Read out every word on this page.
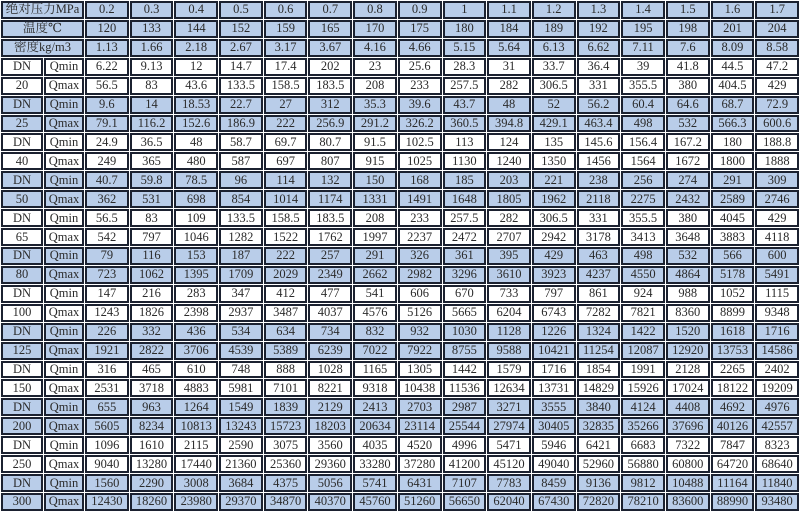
绝对压力MPa		0.2	0.3	0.4	0.5	0.6	0.7	0.8	0.9	1	1.1	1.2	1.3	1.4	1.5	1.6	1.7
温度℃		120	133	144	152	159	165	170	175	180	184	189	192	195	198	201	204
密度kg/m3		1.13	1.66	2.18	2.67	3.17	3.67	4.16	4.66	5.15	5.64	6.13	6.62	7.11	7.6	8.09	8.58
DN	Qmin	6.22	9.13	12	14.7	17.4	202	23	25.6	28.3	31	33.7	36.4	39	41.8	44.5	47.2
20	Qmax	56.5	83	43.6	133.5	158.5	183.5	208	233	257.5	282	306.5	331	355.5	380	404.5	429
DN	Qmin	9.6	14	18.53	22.7	27	312	35.3	39.6	43.7	48	52	56.2	60.4	64.6	68.7	72.9
25	Qmax	79.1	116.2	152.6	186.9	222	256.9	291.2	326.2	360.5	394.8	429.1	463.4	498	532	566.3	600.6
DN	Qmin	24.9	36.5	48	58.7	69.7	80.7	91.5	102.5	113	124	135	145.6	156.4	167.2	180	188.8
40	Qmax	249	365	480	587	697	807	915	1025	1130	1240	1350	1456	1564	1672	1800	1888
DN	Qmin	40.7	59.8	78.5	96	114	132	150	168	185	203	221	238	256	274	291	309
50	Qmax	362	531	698	854	1014	1174	1331	1491	1648	1805	1962	2118	2275	2432	2589	2746
DN	Qmin	56.5	83	109	133.5	158.5	183.5	208	233	257.5	282	306.5	331	355.5	380	4045	429
65	Qmax	542	797	1046	1282	1522	1762	1997	2237	2472	2707	2942	3178	3413	3648	3883	4118
DN	Qmin	79	116	153	187	222	257	291	326	361	395	429	463	498	532	566	600
80	Qmax	723	1062	1395	1709	2029	2349	2662	2982	3296	3610	3923	4237	4550	4864	5178	5491
DN	Qmin	147	216	283	347	412	477	541	606	670	733	797	861	924	988	1052	1115
100	Qmax	1243	1826	2398	2937	3487	4037	4576	5126	5665	6204	6743	7282	7821	8360	8899	9348
DN	Qmin	226	332	436	534	634	734	832	932	1030	1128	1226	1324	1422	1520	1618	1716
125	Qmax	1921	2822	3706	4539	5389	6239	7022	7922	8755	9588	10421	11254	12087	12920	13753	14586
DN	Qmin	316	465	610	748	888	1028	1165	1305	1442	1579	1716	1854	1991	2128	2265	2402
150	Qmax	2531	3718	4883	5981	7101	8221	9318	10438	11536	12634	13731	14829	15926	17024	18122	19209
DN	Qmin	655	963	1264	1549	1839	2129	2413	2703	2987	3271	3555	3840	4124	4408	4692	4976
200	Qmax	5605	8234	10813	13243	15723	18203	20634	23114	25544	27974	30405	32835	35266	37696	40126	42557
DN	Qmin	1096	1610	2115	2590	3075	3560	4035	4520	4996	5471	5946	6421	6683	7322	7847	8323
250	Qmax	9040	13280	17440	21360	25360	29360	33280	37280	41200	45120	49040	52960	56880	60800	64720	68640
DN	Qmin	1560	2290	3008	3684	4375	5056	5741	6431	7107	7783	8459	9136	9812	10488	11164	11840
300	Qmax	12430	18260	23980	29370	34870	40370	45760	51260	56650	62040	67430	72820	78210	83600	88990	93480
